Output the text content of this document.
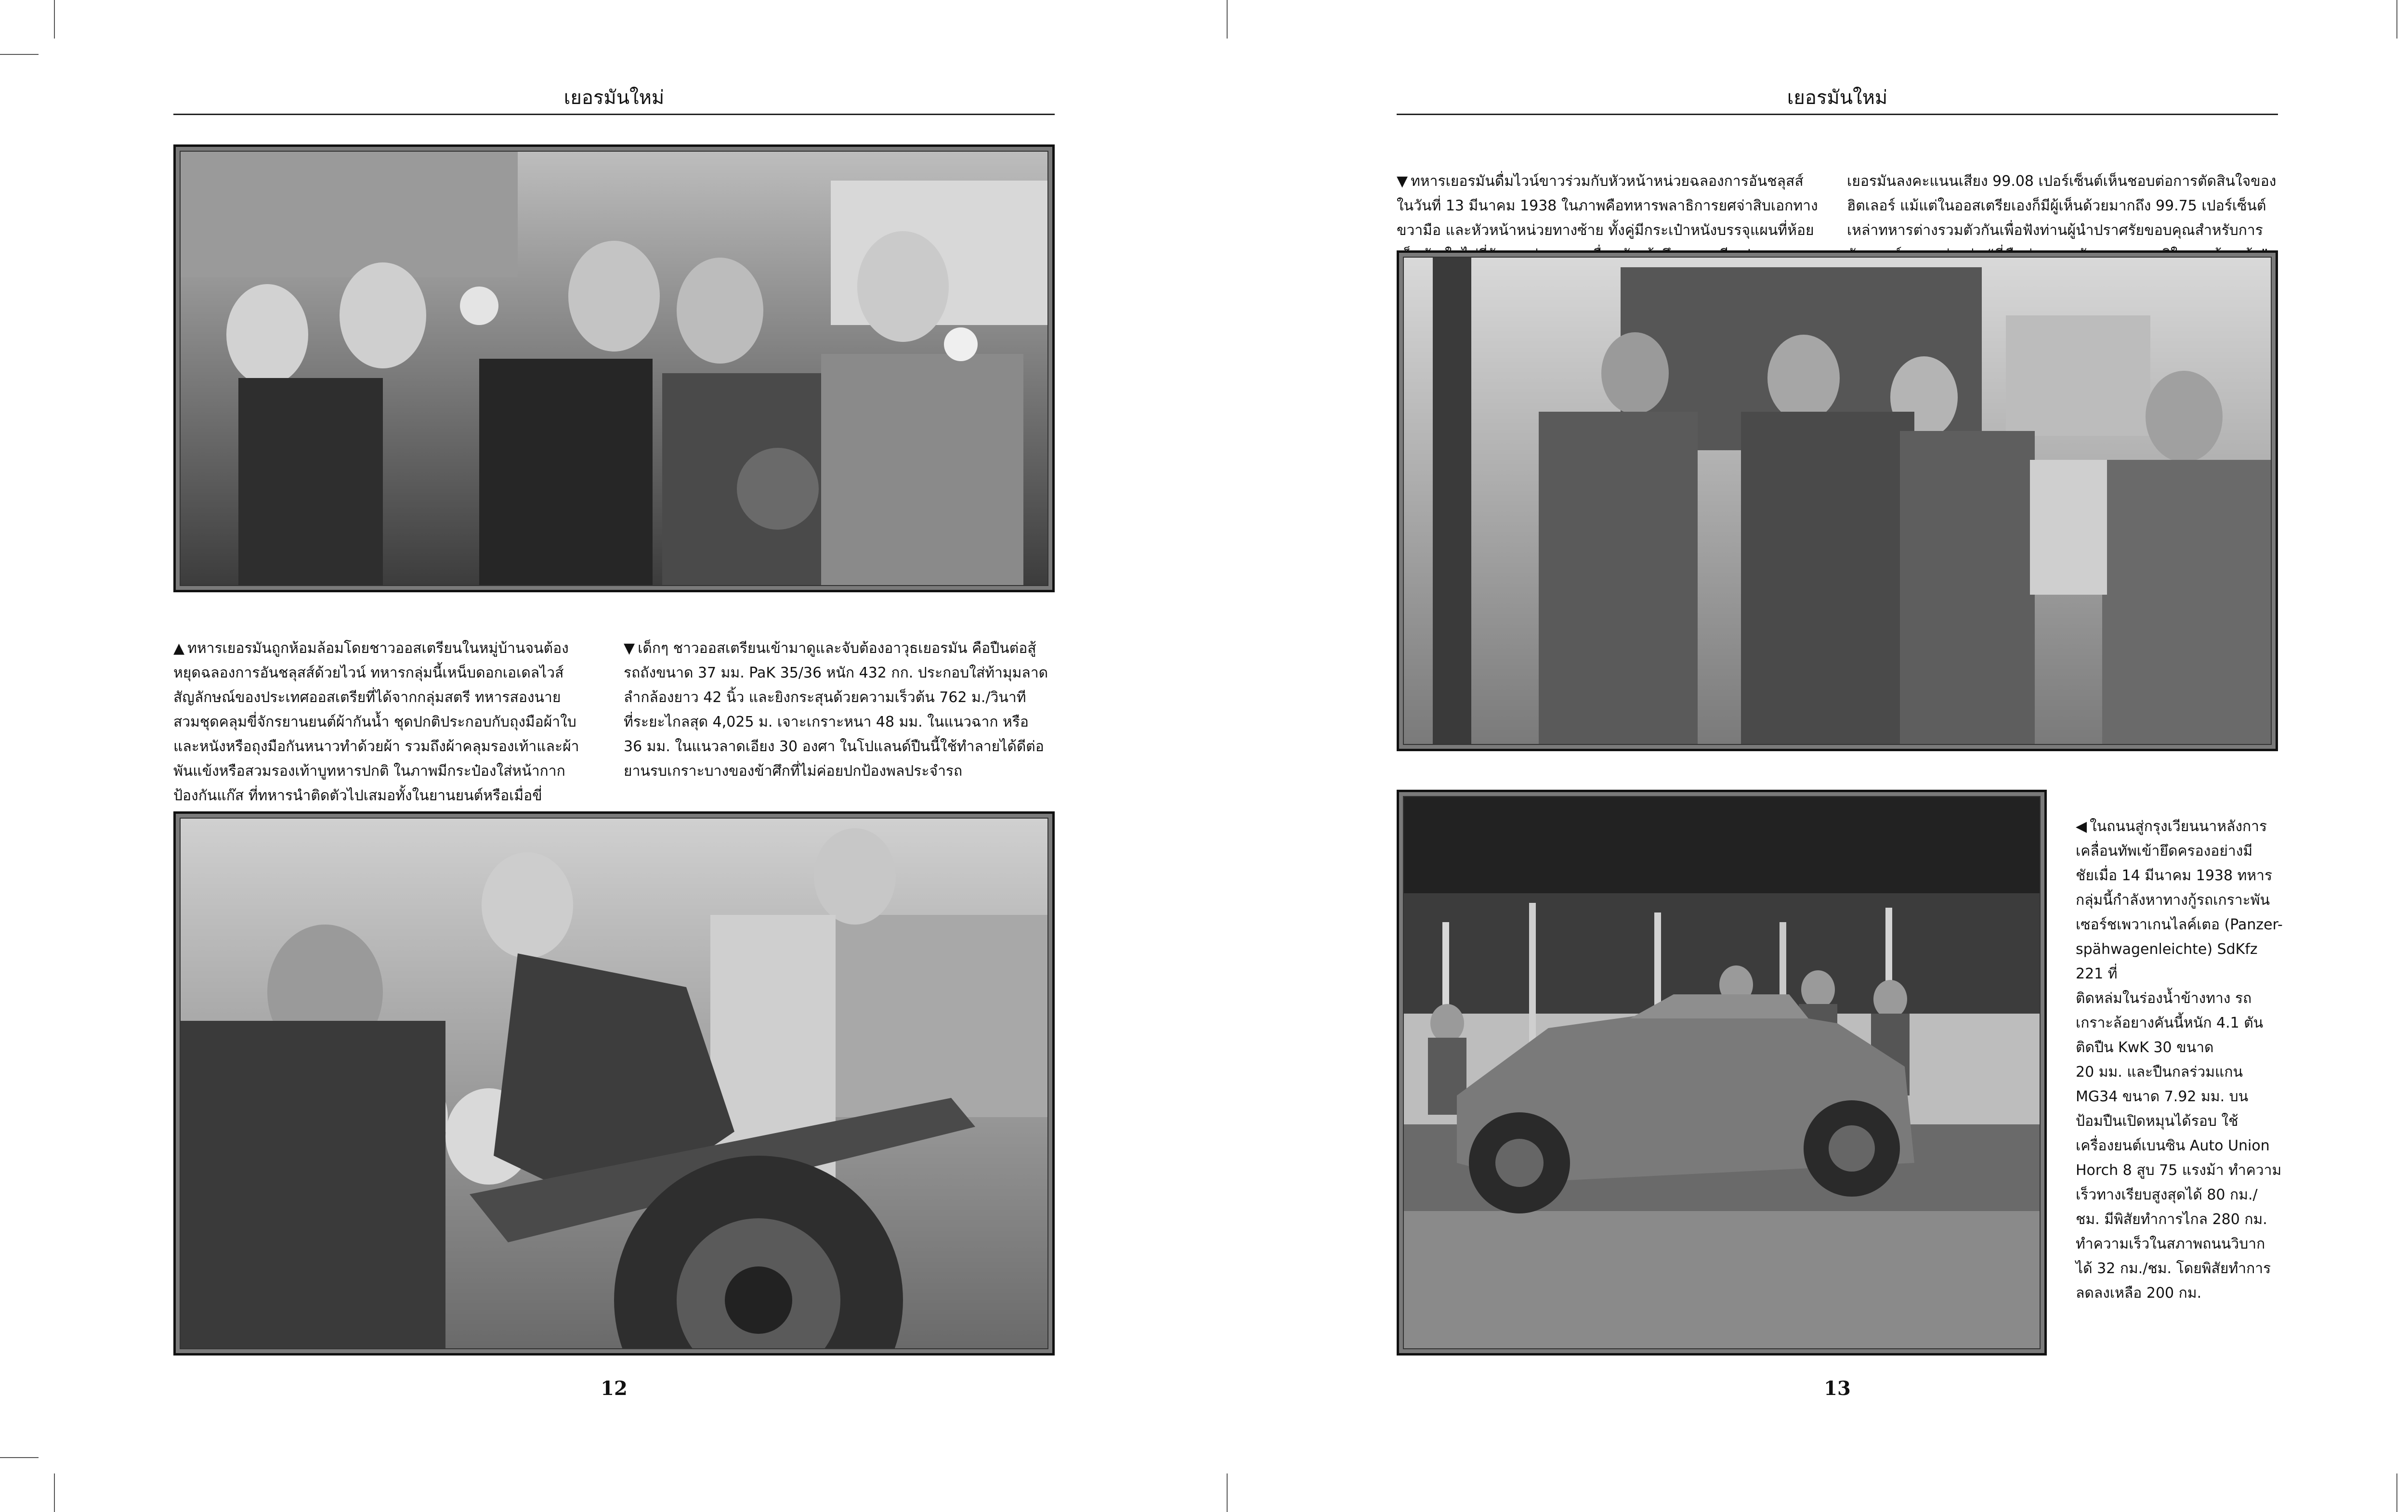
เยอรมันใหม่

▲ ทหารเยอรมันถูกห้อมล้อมโดยชาวออสเตรียนในหมู่บ้านจนต้อง
หยุดฉลองการอันชลุสส์ด้วยไวน์ ทหารกลุ่มนี้เหน็บดอกเอเดลไวส์
สัญลักษณ์ของประเทศออสเตรียที่ได้จากกลุ่มสตรี ทหารสองนาย
สวมชุดคลุมขี่จักรยานยนต์ผ้ากันน้ำ ชุดปกติประกอบกับถุงมือผ้าใบ
และหนังหรือถุงมือกันหนาวทำด้วยผ้า รวมถึงผ้าคลุมรองเท้าและผ้า
พันแข้งหรือสวมรองเท้าบูทหารปกติ ในภาพมีกระป๋องใส่หน้ากาก
ป้องกันแก๊ส ที่ทหารนำติดตัวไปเสมอทั้งในยานยนต์หรือเมื่อขี่

▼ เด็กๆ ชาวออสเตรียนเข้ามาดูและจับต้องอาวุธเยอรมัน คือปืนต่อสู้
รถถังขนาด 37 มม. PaK 35/36 หนัก 432 กก. ประกอบใส่ท้ามุมลาด
ลำกล้องยาว 42 นิ้ว และยิงกระสุนด้วยความเร็วต้น 762 ม./วินาที
ที่ระยะไกลสุด 4,025 ม. เจาะเกราะหนา 48 มม. ในแนวฉาก หรือ
36 มม. ในแนวลาดเอียง 30 องศา ในโปแลนด์ปืนนี้ใช้ทำลายได้ดีต่อ
ยานรบเกราะบางของข้าศึกที่ไม่ค่อยปกป้องพลประจำรถ

12
เยอรมันใหม่

▼ ทหารเยอรมันดื่มไวน์ขาวร่วมกับหัวหน้าหน่วยฉลองการอันชลุสส์
ในวันที่ 13 มีนาคม 1938 ในภาพคือทหารพลาธิการยศจ่าสิบเอกทาง
ขวามือ และหัวหน้าหน่วยทางซ้าย ทั้งคู่มีกระเป๋าหนังบรรจุแผนที่ห้อย

เยอรมันลงคะแนนเสียง 99.08 เปอร์เซ็นต์เห็นชอบต่อการตัดสินใจของ
ฮิตเลอร์ แม้แต่ในออสเตรียเองก็มีผู้เห็นด้วยมากถึง 99.75 เปอร์เซ็นต์
เหล่าทหารต่างรวมตัวกันเพื่อฟังท่านผู้นำปราศรัยขอบคุณสำหรับการ

◀ ในถนนสู่กรุงเวียนนาหลังการ
เคลื่อนทัพเข้ายึดครองอย่างมี
ชัยเมื่อ 14 มีนาคม 1938 ทหาร
กลุ่มนี้กำลังหาทางกู้รถเกราะพัน
เซอร์ชเพวาเกนไลค์เตอ (Panzer-
spähwagenleichte) SdKfz 221 ที่
ติดหล่มในร่องน้ำข้างทาง รถ
เกราะล้อยางคันนี้หนัก 4.1 ตัน
ติดปืน KwK 30 ขนาด
20 มม. และปืนกลร่วมแกน
MG34 ขนาด 7.92 มม. บน
ป้อมปืนเปิดหมุนได้รอบ ใช้
เครื่องยนต์เบนซิน Auto Union
Horch 8 สูบ 75 แรงม้า ทำความ
เร็วทางเรียบสูงสุดได้ 80 กม./
ชม. มีพิสัยทำการไกล 280 กม.
ทำความเร็วในสภาพถนนวิบาก
ได้ 32 กม./ชม. โดยพิสัยทำการ
ลดลงเหลือ 200 กม.

13
